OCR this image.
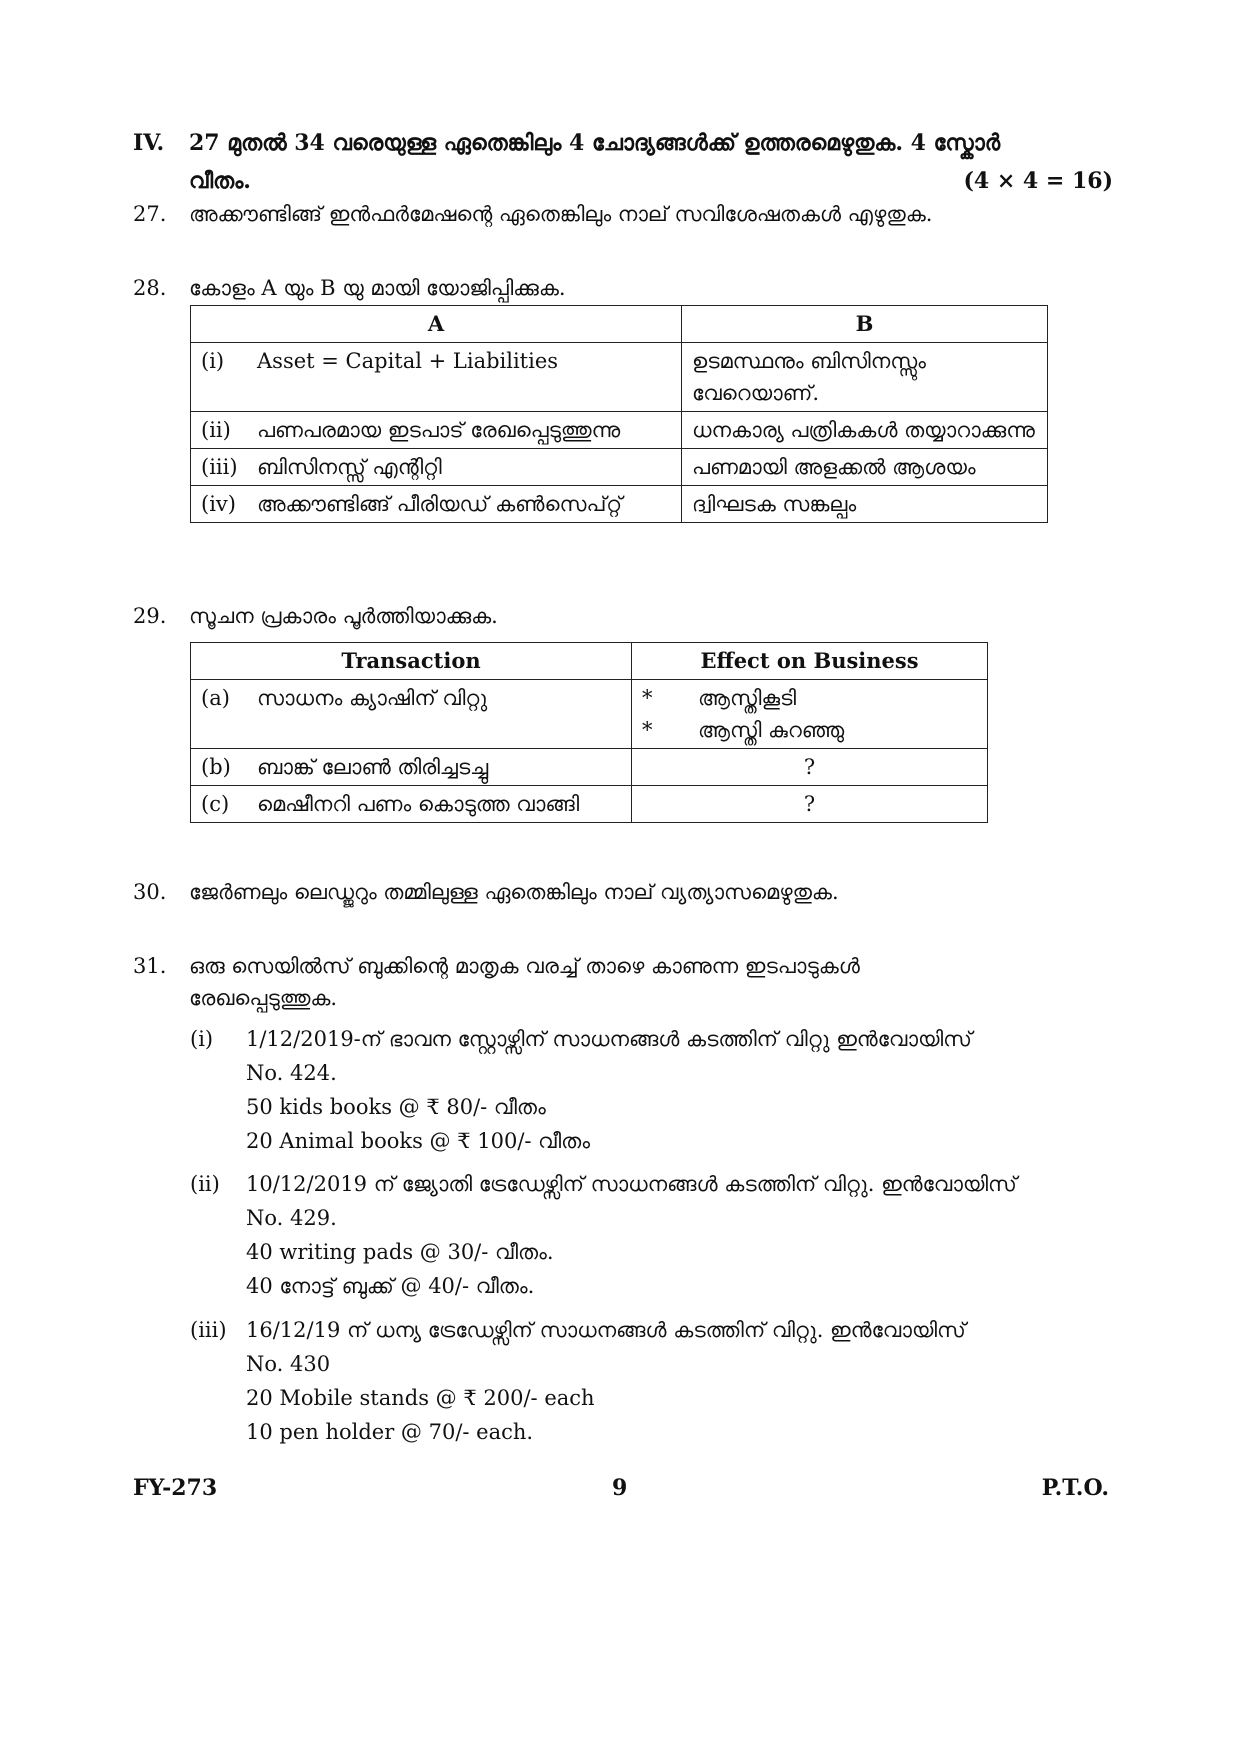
IV. 27 മുതൽ 34 വരെയുള്ള ഏതെങ്കിലും 4 ചോദ്യങ്ങൾക്ക് ഉത്തരമെഴുതുക. 4 സ്കോർ
വീതം.	(4 × 4 = 16)
27. അക്കൗണ്ടിങ്ങ് ഇൻഫർമേഷന്റെ ഏതെങ്കിലും നാല് സവിശേഷതകൾ എഴുതുക.
28. കോളം A യും B യു മായി യോജിപ്പിക്കുക.
A	B
(i) Asset = Capital + Liabilities	ഉടമസ്ഥനും ബിസിനസ്സും വേറെയാണ്.
(ii) പണപരമായ ഇടപാട് രേഖപ്പെടുത്തുന്നു	ധനകാര്യ പത്രികകൾ തയ്യാറാക്കുന്നു
(iii) ബിസിനസ്സ് എന്റിറ്റി	പണമായി അളക്കൽ ആശയം
(iv) അക്കൗണ്ടിങ്ങ് പീരിയഡ് കൺസെപ്റ്റ്	ദ്വിഘടക സങ്കല്പം
29. സൂചന പ്രകാരം പൂർത്തിയാക്കുക.
Transaction	Effect on Business
(a) സാധനം ക്യാഷിന് വിറ്റു	* ആസ്തികൂടി
* ആസ്തി കുറഞ്ഞു

(b) ബാങ്ക് ലോൺ തിരിച്ചടച്ചു	?
(c) മെഷീനറി പണം കൊടുത്ത വാങ്ങി	?
30. ജേർണലും ലെഡ്ജറും തമ്മിലുള്ള ഏതെങ്കിലും നാല് വ്യത്യാസമെഴുതുക.
31. ഒരു സെയിൽസ് ബുക്കിന്റെ മാതൃക വരച്ച് താഴെ കാണുന്ന ഇടപാടുകൾ
രേഖപ്പെടുത്തുക.
(i) 1/12/2019-ന് ഭാവന സ്റ്റോഴ്സിന് സാധനങ്ങൾ കടത്തിന് വിറ്റു ഇൻവോയിസ്
No. 424.
50 kids books @ ₹ 80/- വീതം
20 Animal books @ ₹ 100/- വീതം
(ii) 10/12/2019 ന് ജ്യോതി ട്രേഡേഴ്സിന് സാധനങ്ങൾ കടത്തിന് വിറ്റു. ഇൻവോയിസ്
No. 429.
40 writing pads @ 30/- വീതം.
40 നോട്ട് ബുക്ക് @ 40/- വീതം.
(iii) 16/12/19 ന് ധന്യ ട്രേഡേഴ്സിന് സാധനങ്ങൾ കടത്തിന് വിറ്റു. ഇൻവോയിസ്
No. 430
20 Mobile stands @ ₹ 200/- each
10 pen holder @ 70/- each.
FY-273	9	P.T.O.
